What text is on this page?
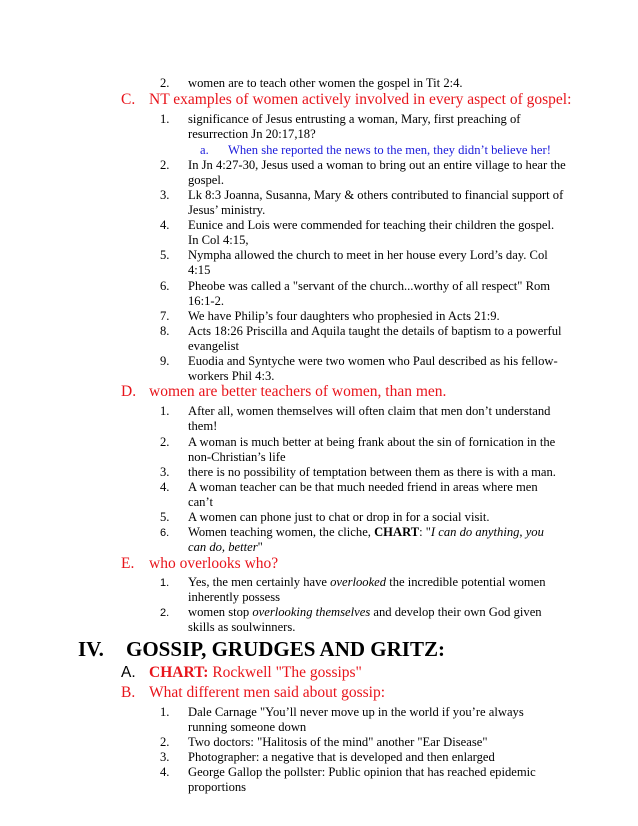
2. women are to teach other women the gospel in Tit 2:4.
C. NT examples of women actively involved in every aspect of gospel:
1. significance of Jesus entrusting a woman, Mary, first preaching of
resurrection Jn 20:17,18?
a. When she reported the news to the men, they didn’t believe her!
2. In Jn 4:27-30, Jesus used a woman to bring out an entire village to hear the
gospel.
3. Lk 8:3 Joanna, Susanna, Mary & others contributed to financial support of
Jesus’ ministry.
4. Eunice and Lois were commended for teaching their children the gospel.
In Col 4:15,
5. Nympha allowed the church to meet in her house every Lord’s day. Col
4:15
6. Pheobe was called a "servant of the church...worthy of all respect" Rom
16:1-2.
7. We have Philip’s four daughters who prophesied in Acts 21:9.
8. Acts 18:26 Priscilla and Aquila taught the details of baptism to a powerful
evangelist
9. Euodia and Syntyche were two women who Paul described as his fellow-
workers Phil 4:3.
D. women are better teachers of women, than men.
1. After all, women themselves will often claim that men don’t understand
them!
2. A woman is much better at being frank about the sin of fornication in the
non-Christian’s life
3. there is no possibility of temptation between them as there is with a man.
4. A woman teacher can be that much needed friend in areas where men
can’t
5. A women can phone just to chat or drop in for a social visit.
6. Women teaching women, the cliche, CHART: "I can do anything, you
can do, better"
E. who overlooks who?
1. Yes, the men certainly have overlooked the incredible potential women
inherently possess
2. women stop overlooking themselves and develop their own God given
skills as soulwinners.
IV. GOSSIP, GRUDGES AND GRITZ:
A. CHART: Rockwell "The gossips"
B. What different men said about gossip:
1. Dale Carnage "You’ll never move up in the world if you’re always
running someone down
2. Two doctors: "Halitosis of the mind" another "Ear Disease"
3. Photographer: a negative that is developed and then enlarged
4. George Gallop the pollster: Public opinion that has reached epidemic
proportions
